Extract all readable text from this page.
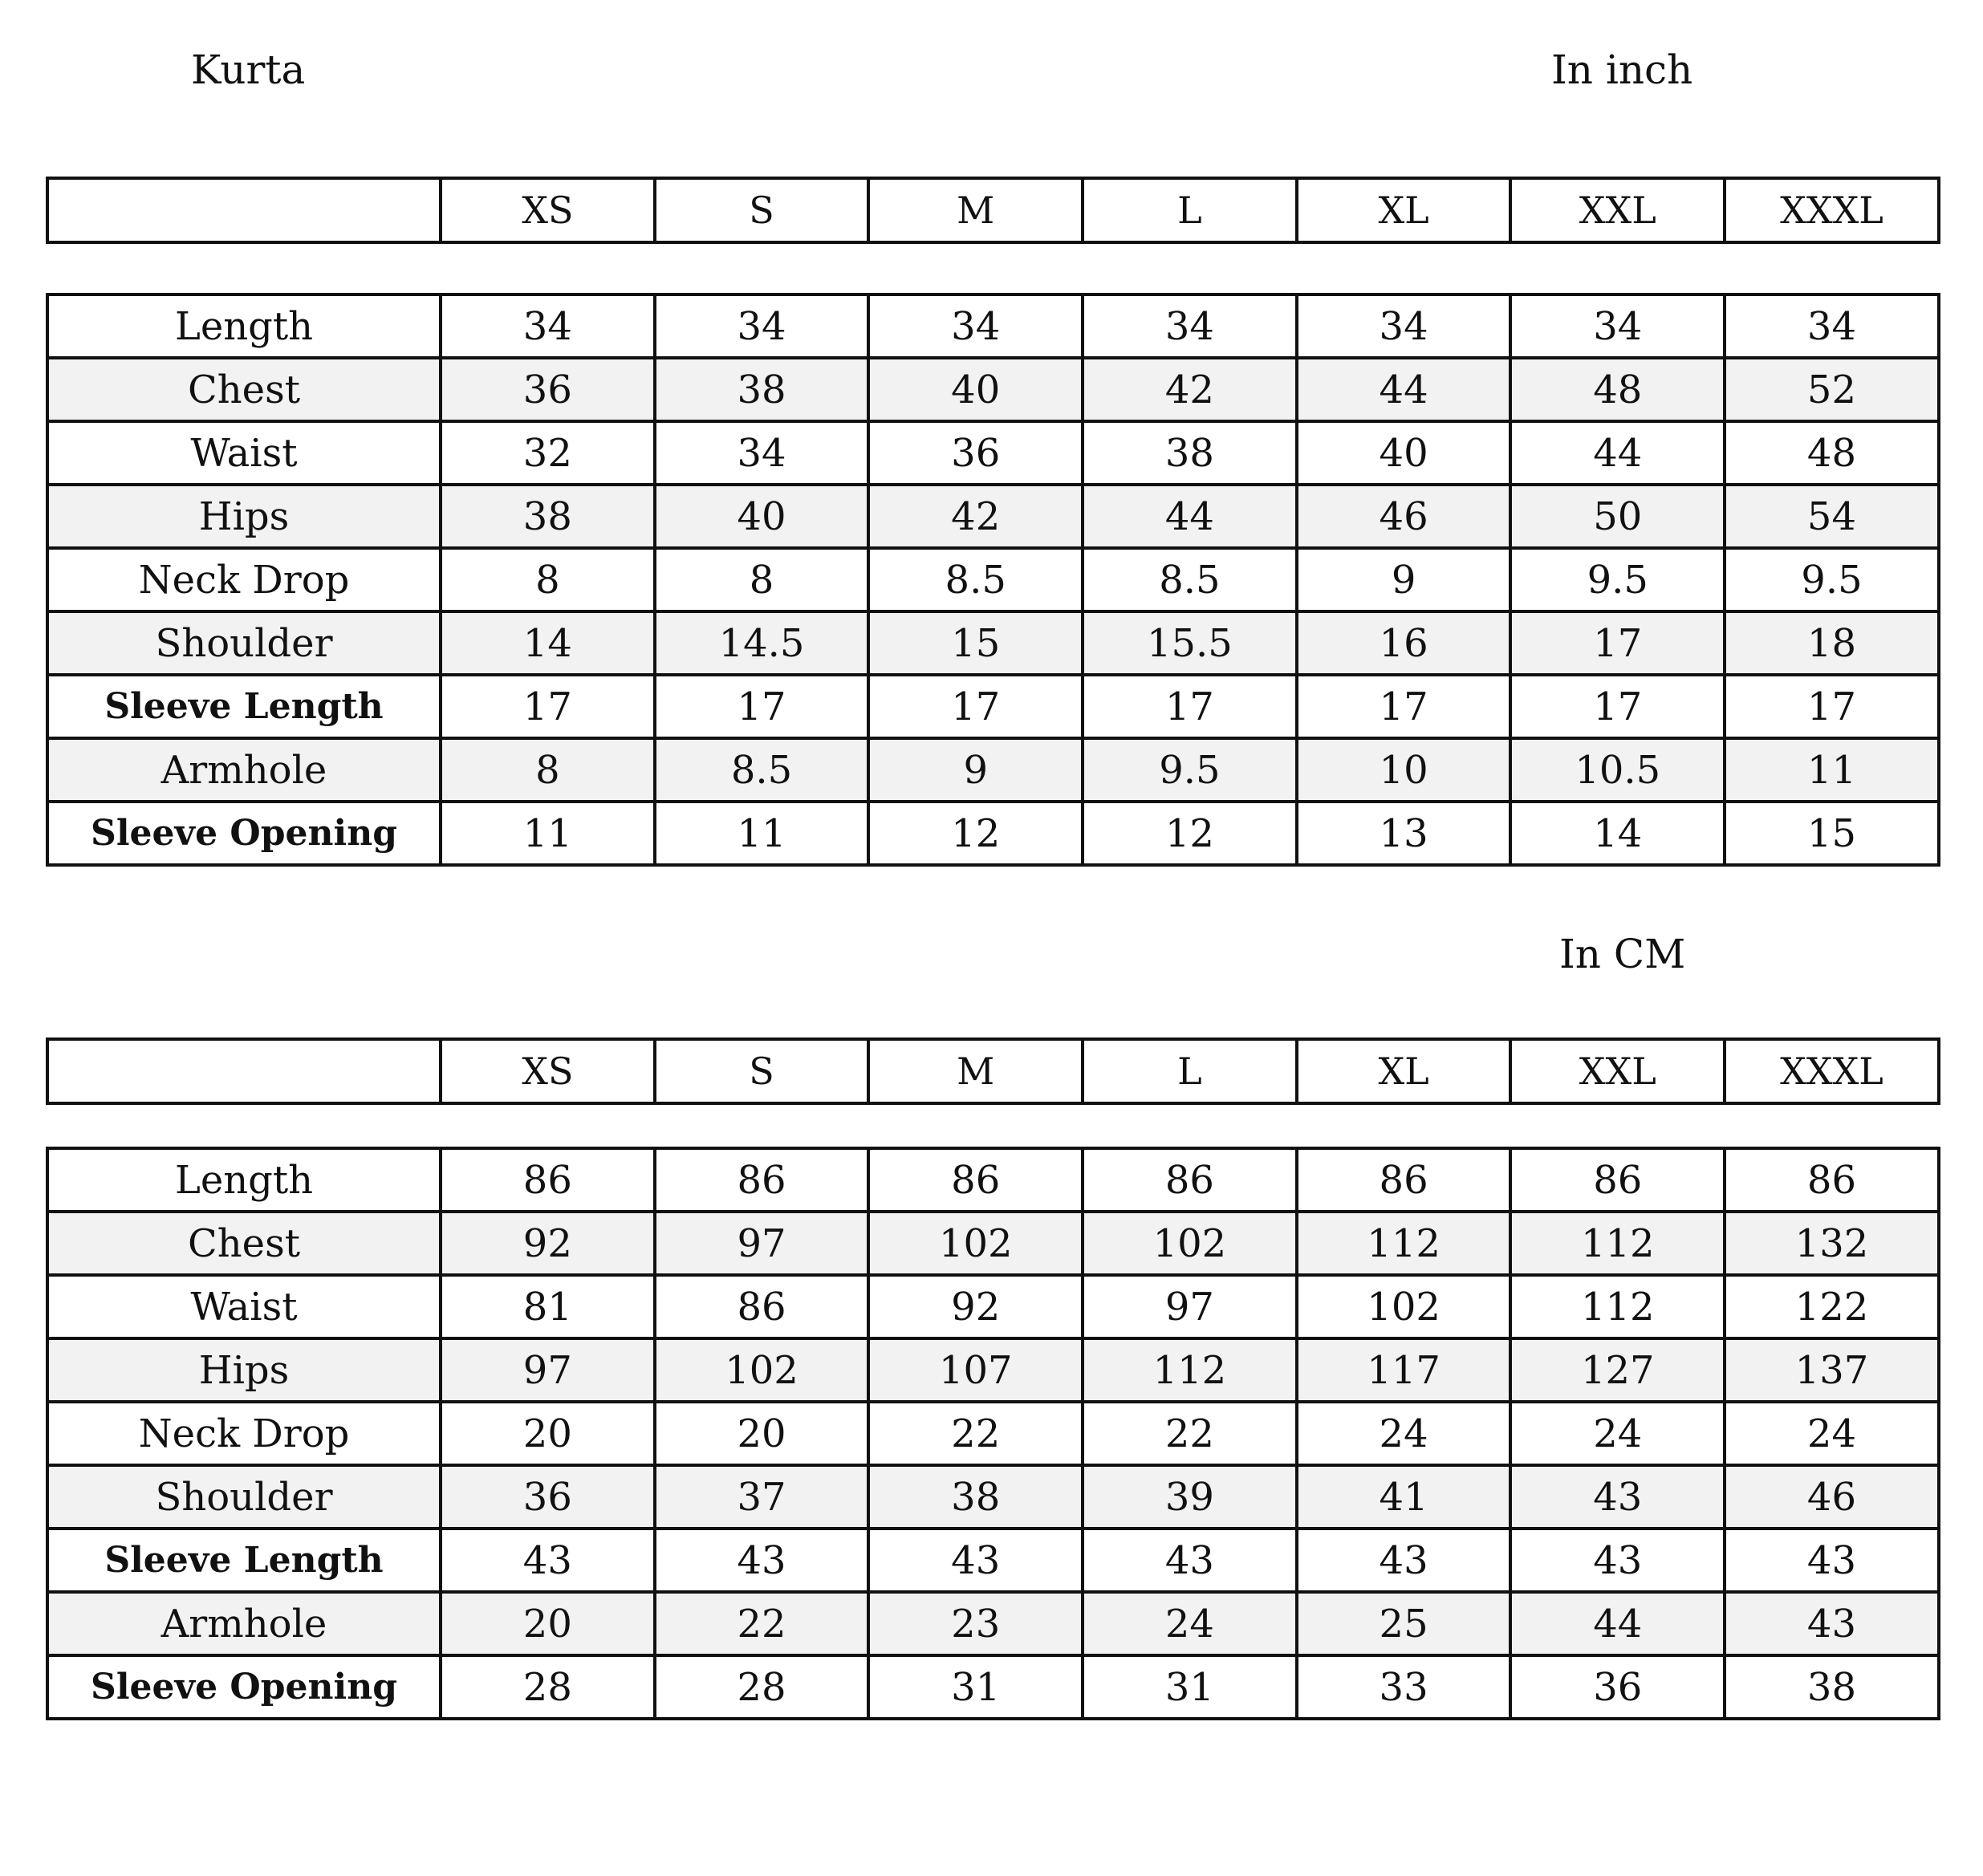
Kurta	In inch
	XS	S	M	L	XL	XXL	XXXL
Length	34	34	34	34	34	34	34
Chest	36	38	40	42	44	48	52
Waist	32	34	36	38	40	44	48
Hips	38	40	42	44	46	50	54
Neck Drop	8	8	8.5	8.5	9	9.5	9.5
Shoulder	14	14.5	15	15.5	16	17	18
Sleeve Length	17	17	17	17	17	17	17
Armhole	8	8.5	9	9.5	10	10.5	11
Sleeve Opening	11	11	12	12	13	14	15
In CM
	XS	S	M	L	XL	XXL	XXXL
Length	86	86	86	86	86	86	86
Chest	92	97	102	102	112	112	132
Waist	81	86	92	97	102	112	122
Hips	97	102	107	112	117	127	137
Neck Drop	20	20	22	22	24	24	24
Shoulder	36	37	38	39	41	43	46
Sleeve Length	43	43	43	43	43	43	43
Armhole	20	22	23	24	25	44	43
Sleeve Opening	28	28	31	31	33	36	38
